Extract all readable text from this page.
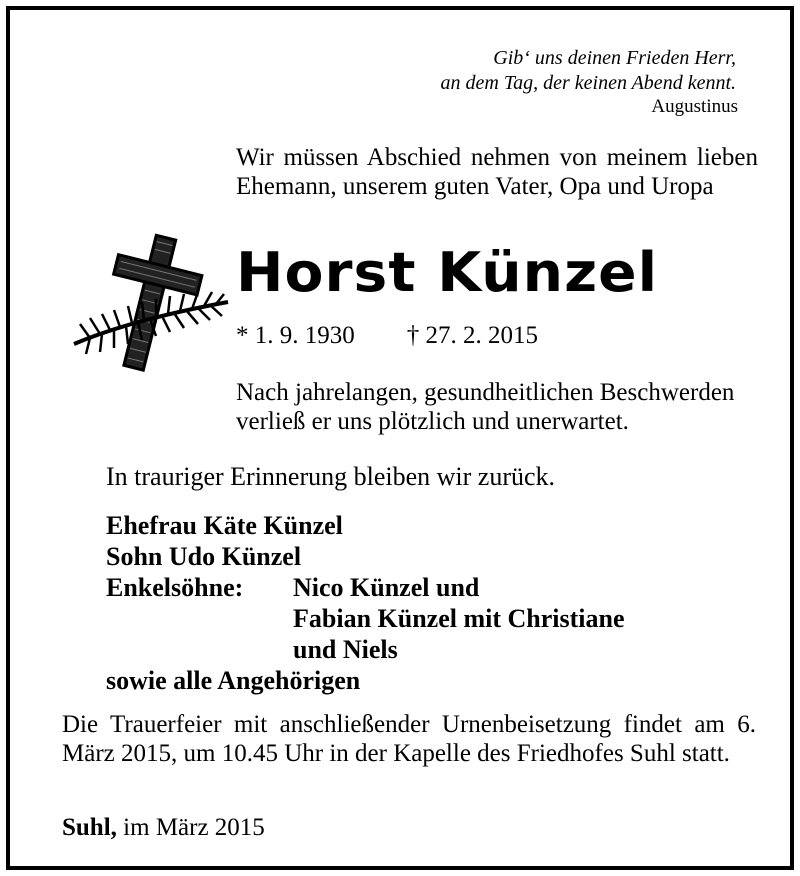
Gib‘ uns deinen Frieden Herr,
an dem Tag, der keinen Abend kennt.
Augustinus
Wir müssen Abschied nehmen von meinem lieben Ehemann, unserem guten Vater, Opa und Uropa
Horst Künzel
* 1. 9. 1930 † 27. 2. 2015
Nach jahrelangen, gesundheitlichen Beschwerden verließ er uns plötzlich und unerwartet.
In trauriger Erinnerung bleiben wir zurück.
Ehefrau Käte Künzel
Sohn Udo Künzel
Enkelsöhne: Nico Künzel und
Fabian Künzel mit Christiane
und Niels
sowie alle Angehörigen
Die Trauerfeier mit anschließender Urnenbeisetzung findet am 6. März 2015, um 10.45 Uhr in der Kapelle des Friedhofes Suhl statt.
Suhl, im März 2015
